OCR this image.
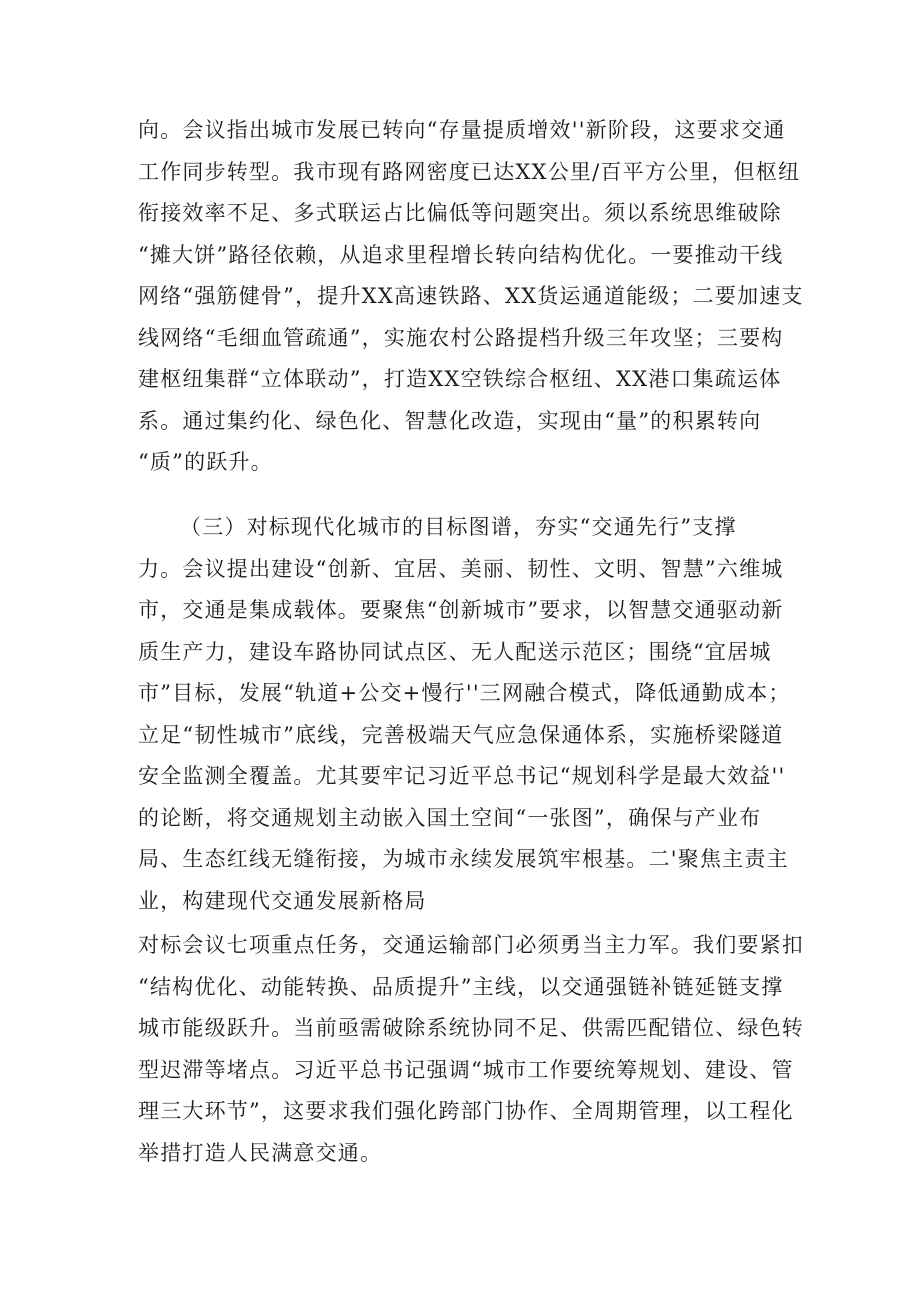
向。会议指出城市发展已转向“存量提质增效''新阶段，这要求交通
工作同步转型。我市现有路网密度已达XX公里/百平方公里，但枢纽
衔接效率不足、多式联运占比偏低等问题突出。须以系统思维破除
“摊大饼”路径依赖，从追求里程增长转向结构优化。一要推动干线
网络“强筋健骨”，提升XX高速铁路、XX货运通道能级；二要加速支
线网络“毛细血管疏通”，实施农村公路提档升级三年攻坚；三要构
建枢纽集群“立体联动”，打造XX空铁综合枢纽、XX港口集疏运体
系。通过集约化、绿色化、智慧化改造，实现由“量”的积累转向
“质”的跃升。
（三）对标现代化城市的目标图谱，夯实“交通先行”支撑
力。会议提出建设“创新、宜居、美丽、韧性、文明、智慧”六维城
市，交通是集成载体。要聚焦“创新城市”要求，以智慧交通驱动新
质生产力，建设车路协同试点区、无人配送示范区；围绕“宜居城
市”目标，发展“轨道+公交+慢行''三网融合模式，降低通勤成本；
立足“韧性城市”底线，完善极端天气应急保通体系，实施桥梁隧道
安全监测全覆盖。尤其要牢记习近平总书记“规划科学是最大效益''
的论断，将交通规划主动嵌入国土空间“一张图”，确保与产业布
局、生态红线无缝衔接，为城市永续发展筑牢根基。二'聚焦主责主
业，构建现代交通发展新格局
对标会议七项重点任务，交通运输部门必须勇当主力军。我们要紧扣
“结构优化、动能转换、品质提升”主线，以交通强链补链延链支撑
城市能级跃升。当前亟需破除系统协同不足、供需匹配错位、绿色转
型迟滞等堵点。习近平总书记强调“城市工作要统筹规划、建设、管
理三大环节”，这要求我们强化跨部门协作、全周期管理，以工程化
举措打造人民满意交通。
